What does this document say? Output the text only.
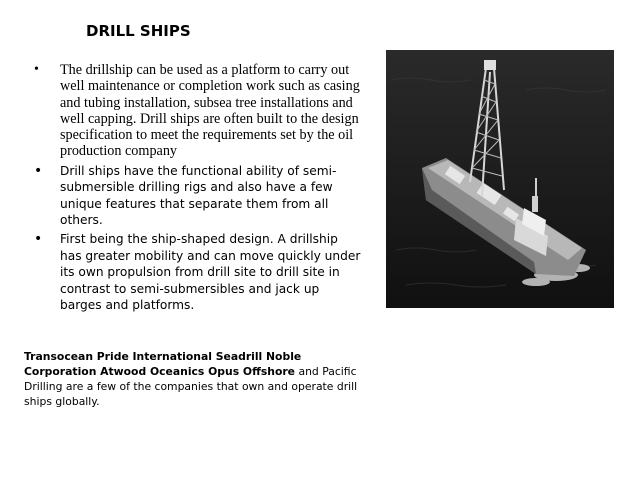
DRILL SHIPS
• The drillship can be used as a platform to carry out well maintenance or completion work such as casing and tubing installation, subsea tree installations and well capping. Drill ships are often built to the design specification to meet the requirements set by the oil production company
• Drill ships have the functional ability of semi-submersible drilling rigs and also have a few unique features that separate them from all others.
• First being the ship-shaped design. A drillship has greater mobility and can move quickly under its own propulsion from drill site to drill site in contrast to semi-submersibles and jack up barges and platforms.
Transocean Pride International Seadrill Noble Corporation Atwood Oceanics Opus Offshore and Pacific Drilling are a few of the companies that own and operate drill ships globally.
